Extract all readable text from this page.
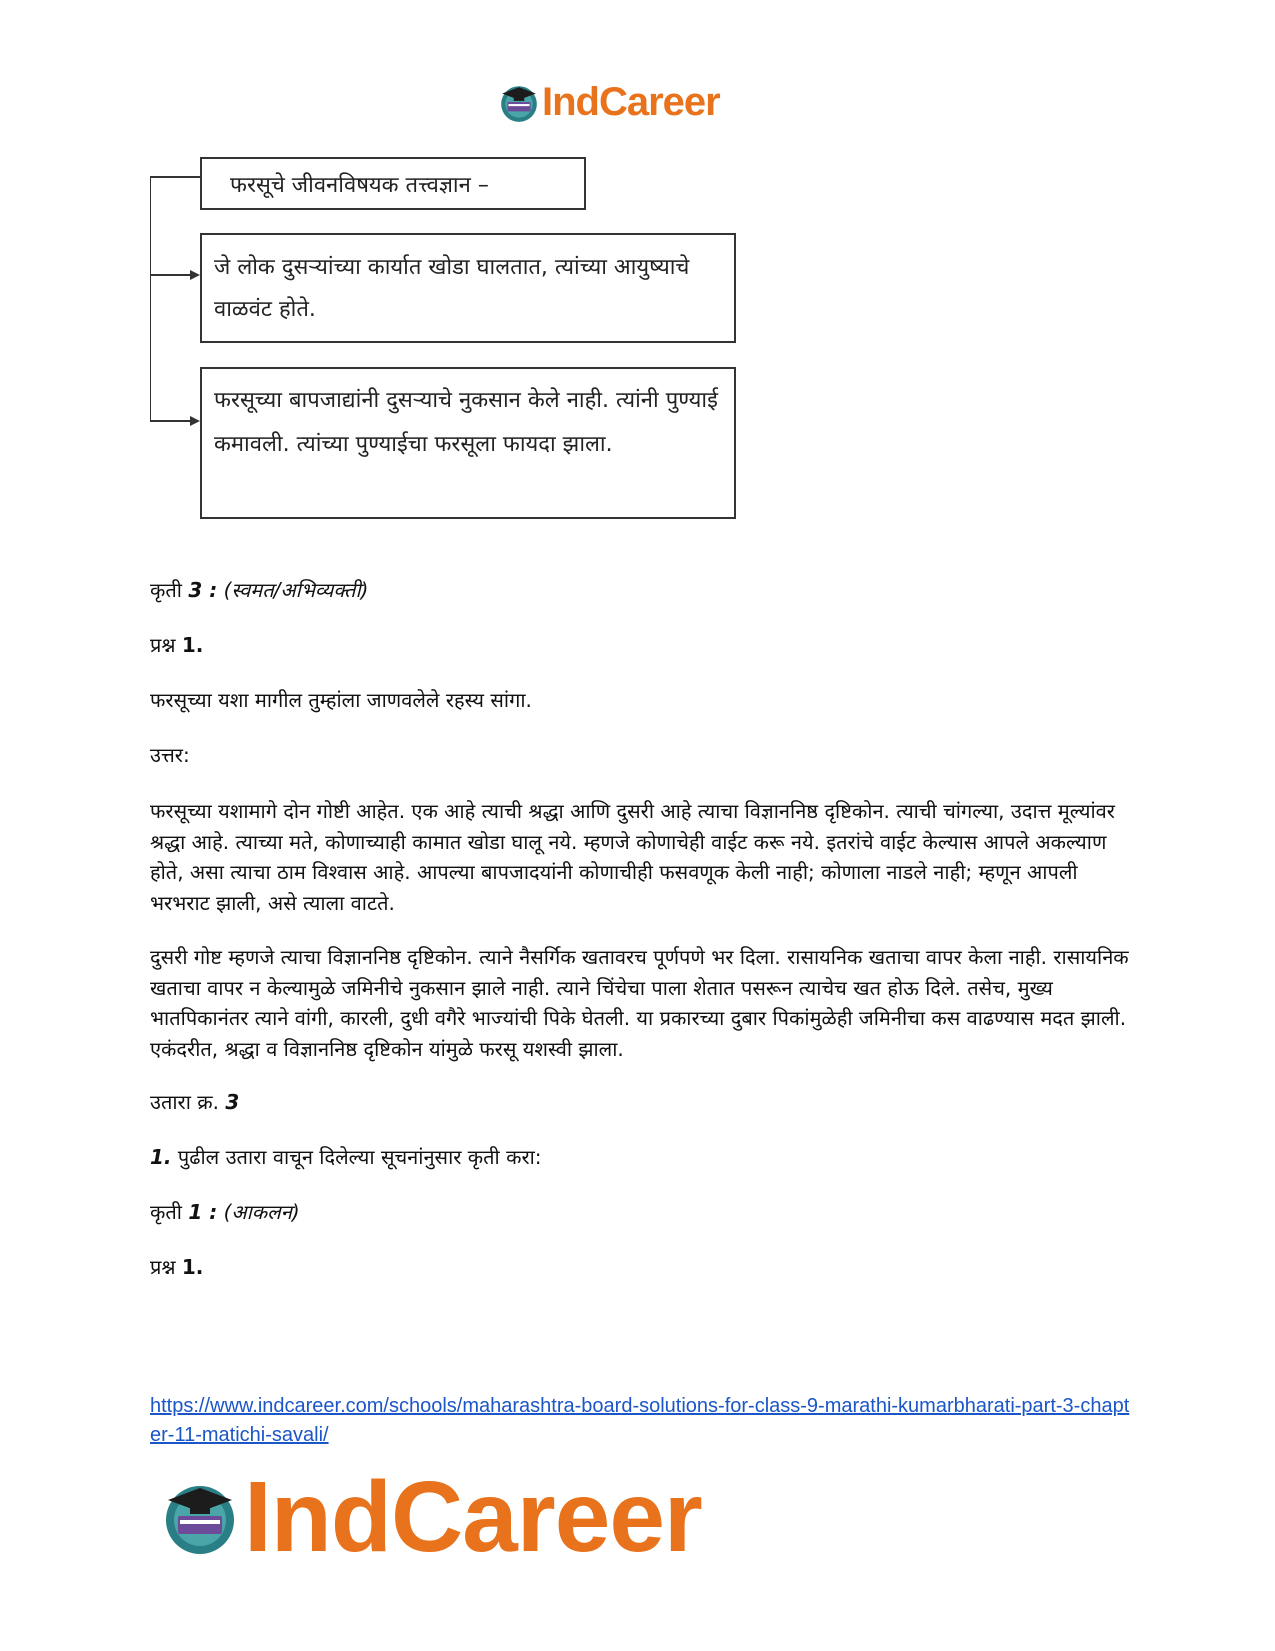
IndCareer
फरसूचे जीवनविषयक तत्त्वज्ञान –
जे लोक दुसऱ्यांच्या कार्यात खोडा घालतात, त्यांच्या आयुष्याचे वाळवंट होते.
फरसूच्या बापजाद्यांनी दुसऱ्याचे नुकसान केले नाही. त्यांनी पुण्याई कमावली. त्यांच्या पुण्याईचा फरसूला फायदा झाला.

कृती 3 : (स्वमत/अभिव्यक्ती)

प्रश्न 1.

फरसूच्या यशा मागील तुम्हांला जाणवलेले रहस्य सांगा.

उत्तर:

फरसूच्या यशामागे दोन गोष्टी आहेत. एक आहे त्याची श्रद्धा आणि दुसरी आहे त्याचा विज्ञाननिष्ठ दृष्टिकोन. त्याची चांगल्या, उदात्त मूल्यांवर श्रद्धा आहे. त्याच्या मते, कोणाच्याही कामात खोडा घालू नये. म्हणजे कोणाचेही वाईट करू नये. इतरांचे वाईट केल्यास आपले अकल्याण होते, असा त्याचा ठाम विश्वास आहे. आपल्या बापजादयांनी कोणाचीही फसवणूक केली नाही; कोणाला नाडले नाही; म्हणून आपली भरभराट झाली, असे त्याला वाटते.

दुसरी गोष्ट म्हणजे त्याचा विज्ञाननिष्ठ दृष्टिकोन. त्याने नैसर्गिक खतावरच पूर्णपणे भर दिला. रासायनिक खताचा वापर केला नाही. रासायनिक खताचा वापर न केल्यामुळे जमिनीचे नुकसान झाले नाही. त्याने चिंचेचा पाला शेतात पसरून त्याचेच खत होऊ दिले. तसेच, मुख्य भातपिकानंतर त्याने वांगी, कारली, दुधी वगैरे भाज्यांची पिके घेतली. या प्रकारच्या दुबार पिकांमुळेही जमिनीचा कस वाढण्यास मदत झाली. एकंदरीत, श्रद्धा व विज्ञाननिष्ठ दृष्टिकोन यांमुळे फरसू यशस्वी झाला.

उतारा क्र. 3

1. पुढील उतारा वाचून दिलेल्या सूचनांनुसार कृती करा:

कृती 1 : (आकलन)

प्रश्न 1.

https://www.indcareer.com/schools/maharashtra-board-solutions-for-class-9-marathi-kumarbharati-part-3-chapter-11-matichi-savali/
IndCareer
